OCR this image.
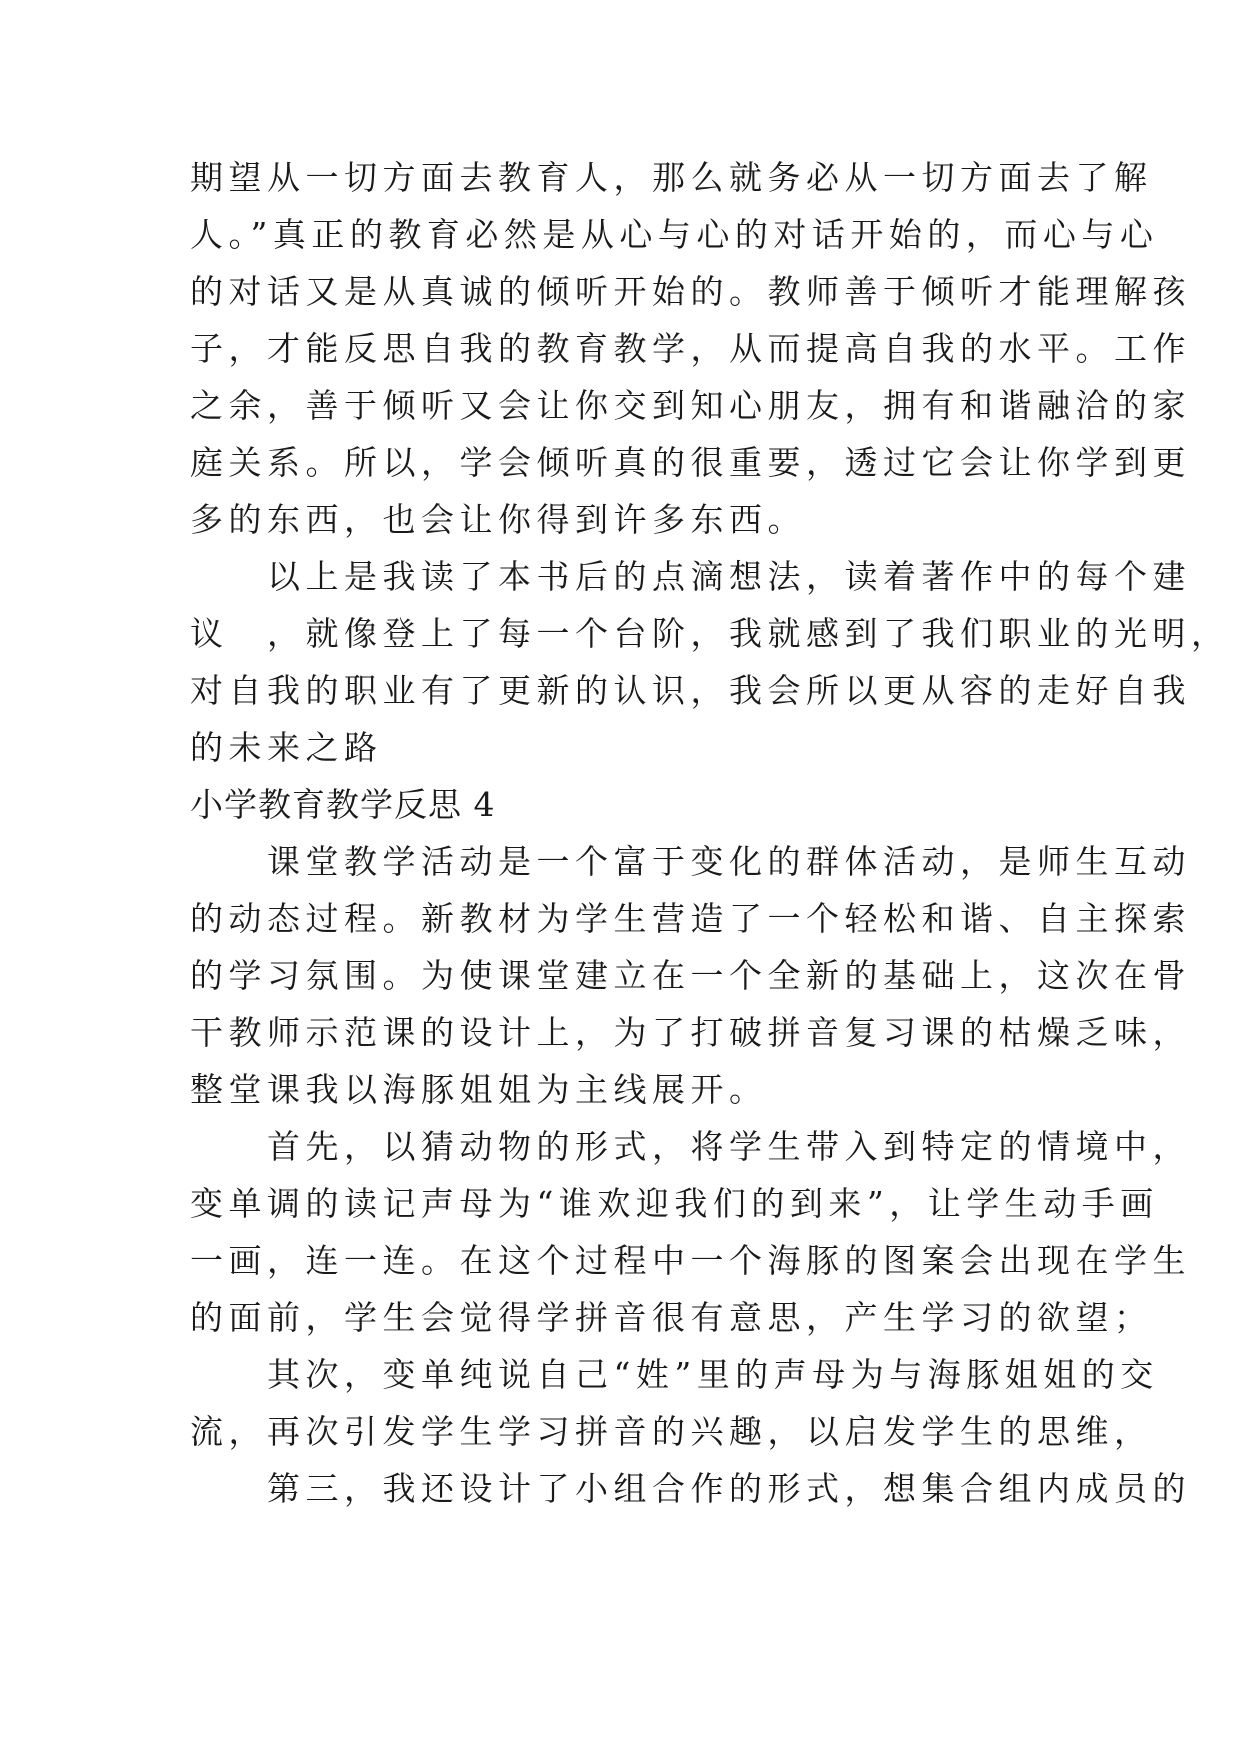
期望从一切方面去教育人，那么就务必从一切方面去了解
人。”真正的教育必然是从心与心的对话开始的，而心与心
的对话又是从真诚的倾听开始的。教师善于倾听才能理解孩
子，才能反思自我的教育教学，从而提高自我的水平。工作
之余，善于倾听又会让你交到知心朋友，拥有和谐融洽的家
庭关系。所以，学会倾听真的很重要，透过它会让你学到更
多的东西，也会让你得到许多东西。
　　以上是我读了本书后的点滴想法，读着著作中的每个建
议　，就像登上了每一个台阶，我就感到了我们职业的光明，
对自我的职业有了更新的认识，我会所以更从容的走好自我
的未来之路
小学教育教学反思 4
　　课堂教学活动是一个富于变化的群体活动，是师生互动
的动态过程。新教材为学生营造了一个轻松和谐、自主探索
的学习氛围。为使课堂建立在一个全新的基础上，这次在骨
干教师示范课的设计上，为了打破拼音复习课的枯燥乏味，
整堂课我以海豚姐姐为主线展开。
　　首先，以猜动物的形式，将学生带入到特定的情境中，
变单调的读记声母为“谁欢迎我们的到来”，让学生动手画
一画，连一连。在这个过程中一个海豚的图案会出现在学生
的面前，学生会觉得学拼音很有意思，产生学习的欲望；
　　其次，变单纯说自己“姓”里的声母为与海豚姐姐的交
流，再次引发学生学习拼音的兴趣，以启发学生的思维，
　　第三，我还设计了小组合作的形式，想集合组内成员的
